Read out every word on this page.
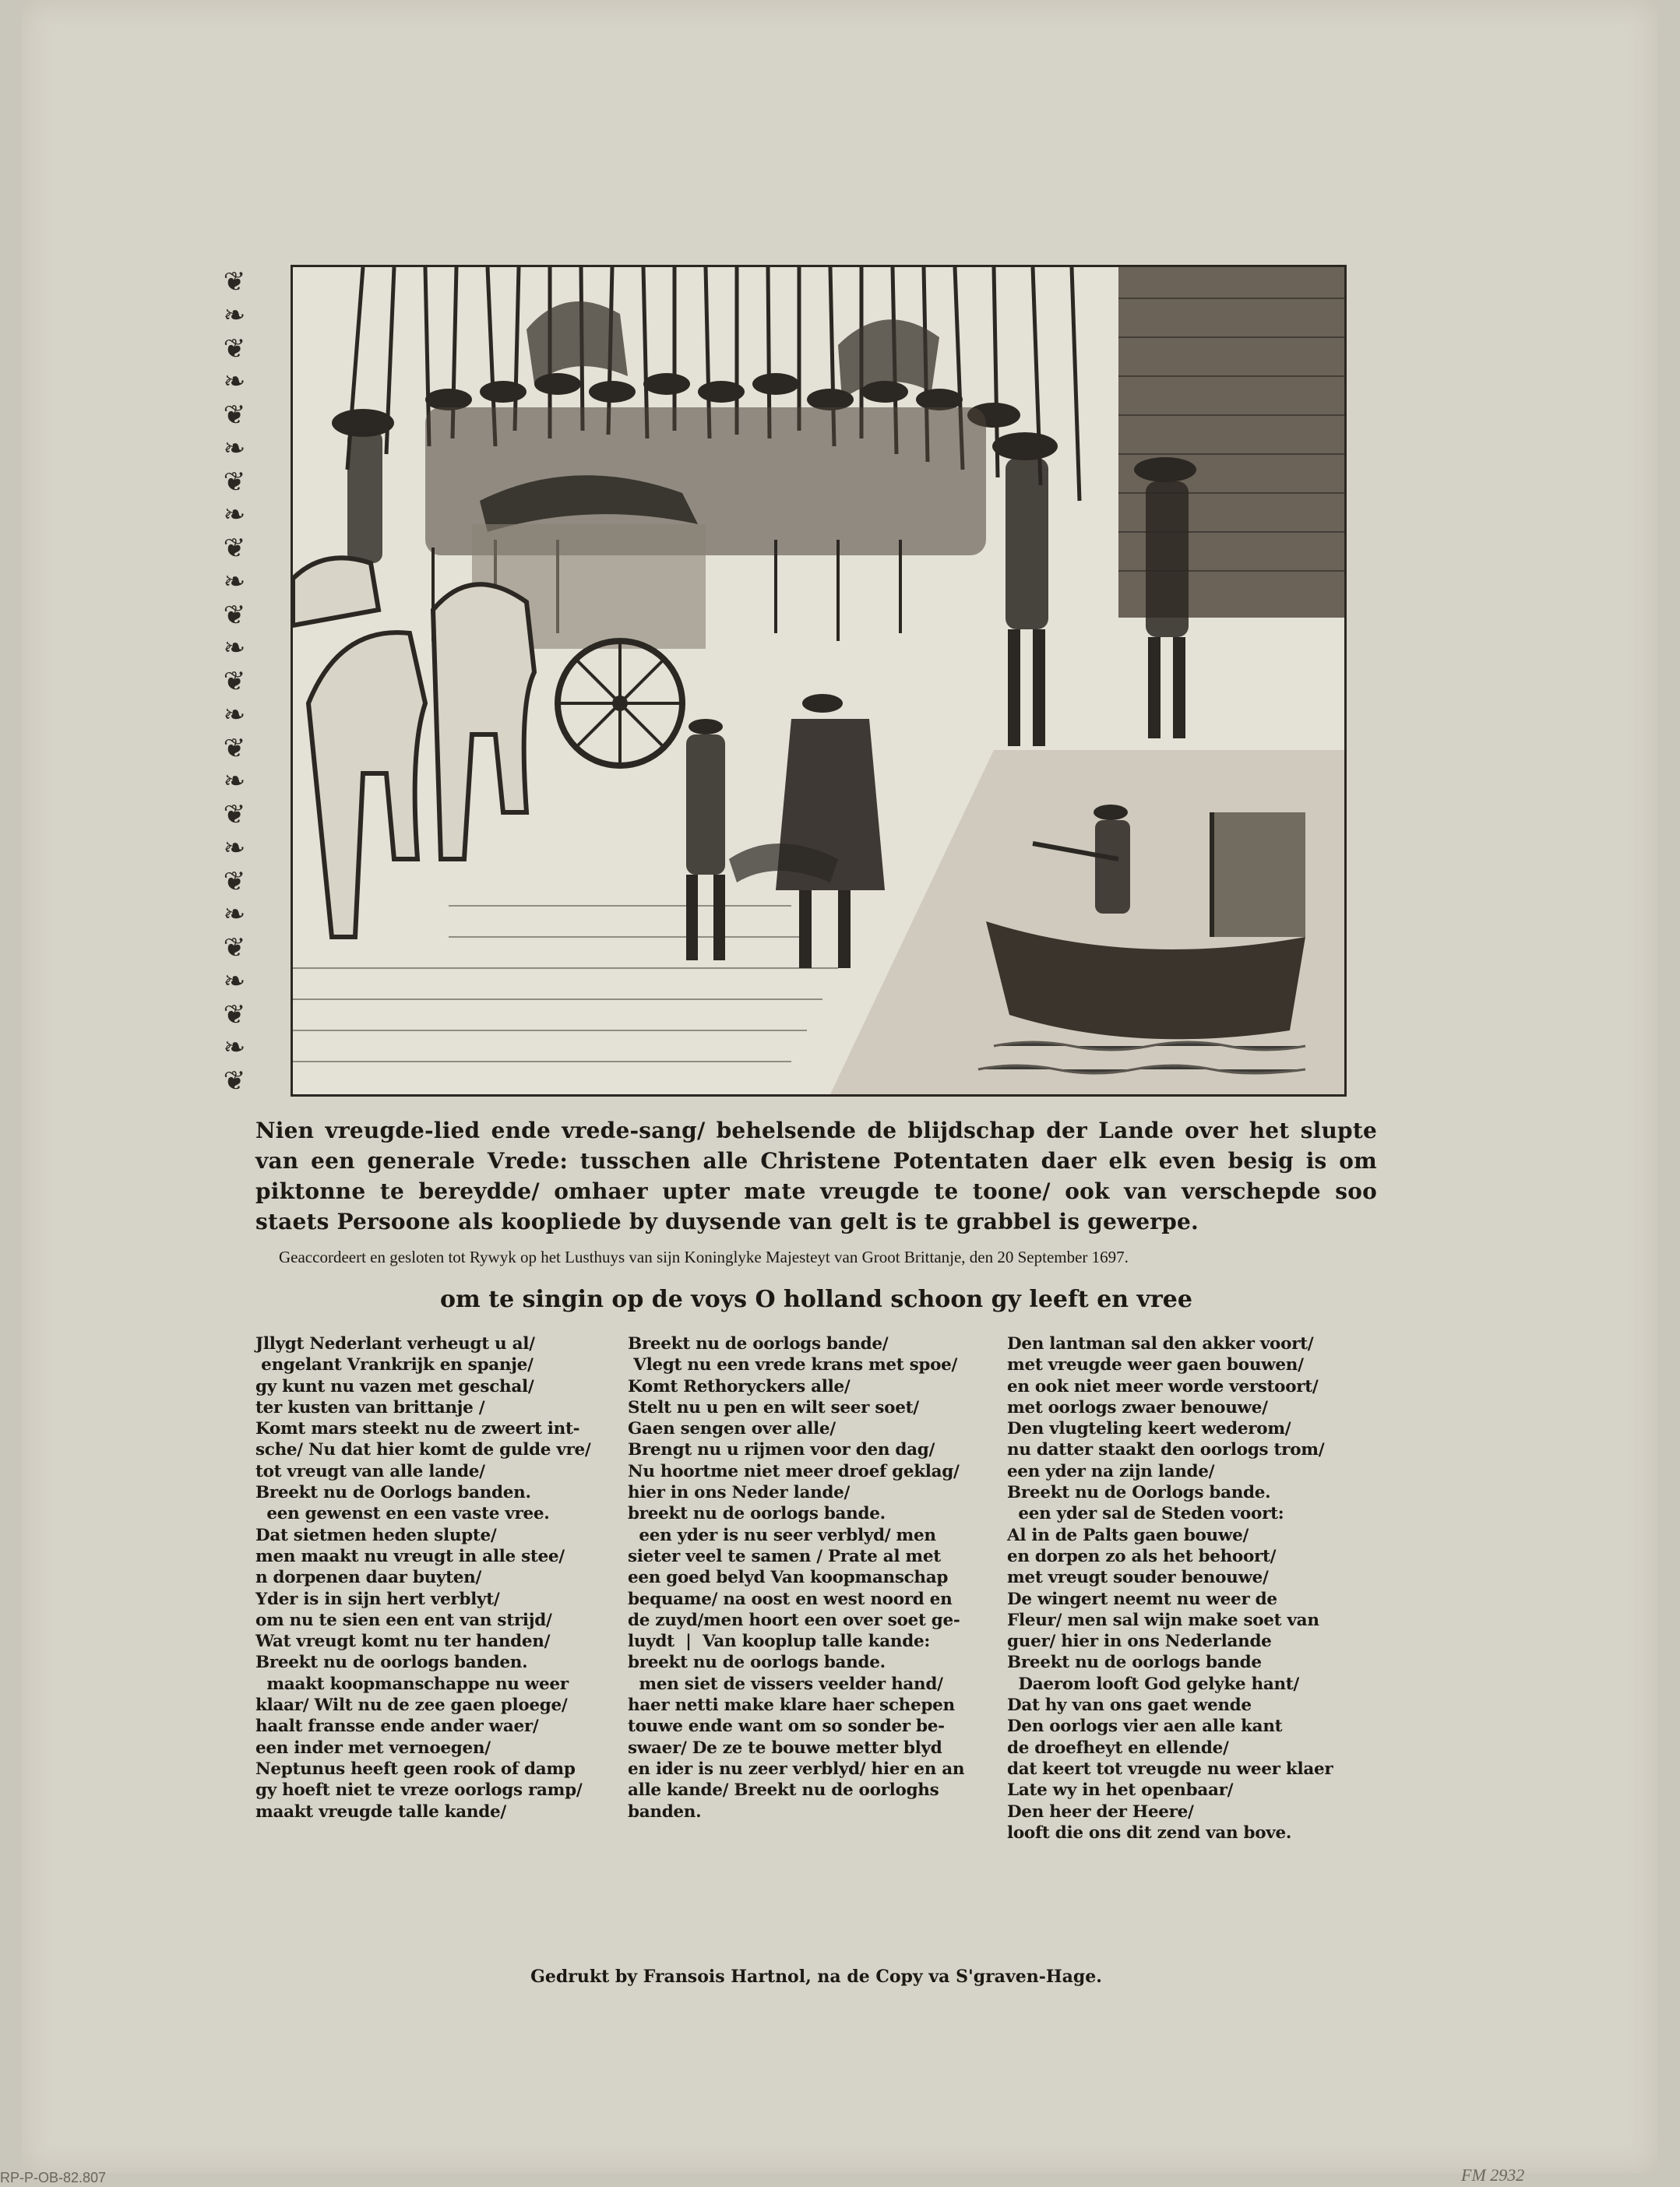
❦
❧
❦
❧
❦
❧
❦
❧
❦
❧
❦
❧
❦
❧
❦
❧
❦
❧
❦
❧
❦
❧
❦
❧
❦
Nien vreugde-lied ende vrede-sang/ behelsende de blijdschap der Lande over het slupte van een generale Vrede: tusschen alle Christene Potentaten daer elk even besig is om piktonne te bereydde/ omhaer upter mate vreugde te toone/ ook van verschepde soo staets Persoone als koopliede by duysende van gelt is te grabbel is gewerpe.
Geaccordeert en gesloten tot Rywyk op het Lusthuys van sijn Koninglyke Majesteyt van Groot Brittanje, den 20 September 1697.
om te singin op de voys O holland schoon gy leeft en vree
Jllygt Nederlant verheugt u al/
engelant Vrankrijk en spanje/
gy kunt nu vazen met geschal/
ter kusten van brittanje /
Komt mars steekt nu de zweert int-
sche/ Nu dat hier komt de gulde vre/
tot vreugt van alle lande/
Breekt nu de Oorlogs banden.
een gewenst en een vaste vree.
Dat sietmen heden slupte/
men maakt nu vreugt in alle stee/
n dorpenen daar buyten/
Yder is in sijn hert verblyt/
om nu te sien een ent van strijd/
Wat vreugt komt nu ter handen/
Breekt nu de oorlogs banden.
maakt koopmanschappe nu weer
klaar/ Wilt nu de zee gaen ploege/
haalt fransse ende ander waer/
een inder met vernoegen/
Neptunus heeft geen rook of damp
gy hoeft niet te vreze oorlogs ramp/
maakt vreugde talle kande/
Breekt nu de oorlogs bande/
Vlegt nu een vrede krans met spoe/
Komt Rethoryckers alle/
Stelt nu u pen en wilt seer soet/
Gaen sengen over alle/
Brengt nu u rijmen voor den dag/
Nu hoortme niet meer droef geklag/
hier in ons Neder lande/
breekt nu de oorlogs bande.
een yder is nu seer verblyd/ men
sieter veel te samen / Prate al met
een goed belyd Van koopmanschap
bequame/ na oost en west noord en
de zuyd/men hoort een over soet ge-
luydt  |  Van kooplup talle kande:
breekt nu de oorlogs bande.
men siet de vissers veelder hand/
haer netti make klare haer schepen
touwe ende want om so sonder be-
swaer/ De ze te bouwe metter blyd
en ider is nu zeer verblyd/ hier en an
alle kande/ Breekt nu de oorloghs
banden.
Den lantman sal den akker voort/
met vreugde weer gaen bouwen/
en ook niet meer worde verstoort/
met oorlogs zwaer benouwe/
Den vlugteling keert wederom/
nu datter staakt den oorlogs trom/
een yder na zijn lande/
Breekt nu de Oorlogs bande.
een yder sal de Steden voort:
Al in de Palts gaen bouwe/
en dorpen zo als het behoort/
met vreugt souder benouwe/
De wingert neemt nu weer de
Fleur/ men sal wijn make soet van
guer/ hier in ons Nederlande
Breekt nu de oorlogs bande
Daerom looft God gelyke hant/
Dat hy van ons gaet wende
Den oorlogs vier aen alle kant
de droefheyt en ellende/
dat keert tot vreugde nu weer klaer
Late wy in het openbaar/
Den heer der Heere/
looft die ons dit zend van bove.
Gedrukt by Fransois Hartnol, na de Copy va S'graven-Hage.
RP-P-OB-82.807	FM 2932
